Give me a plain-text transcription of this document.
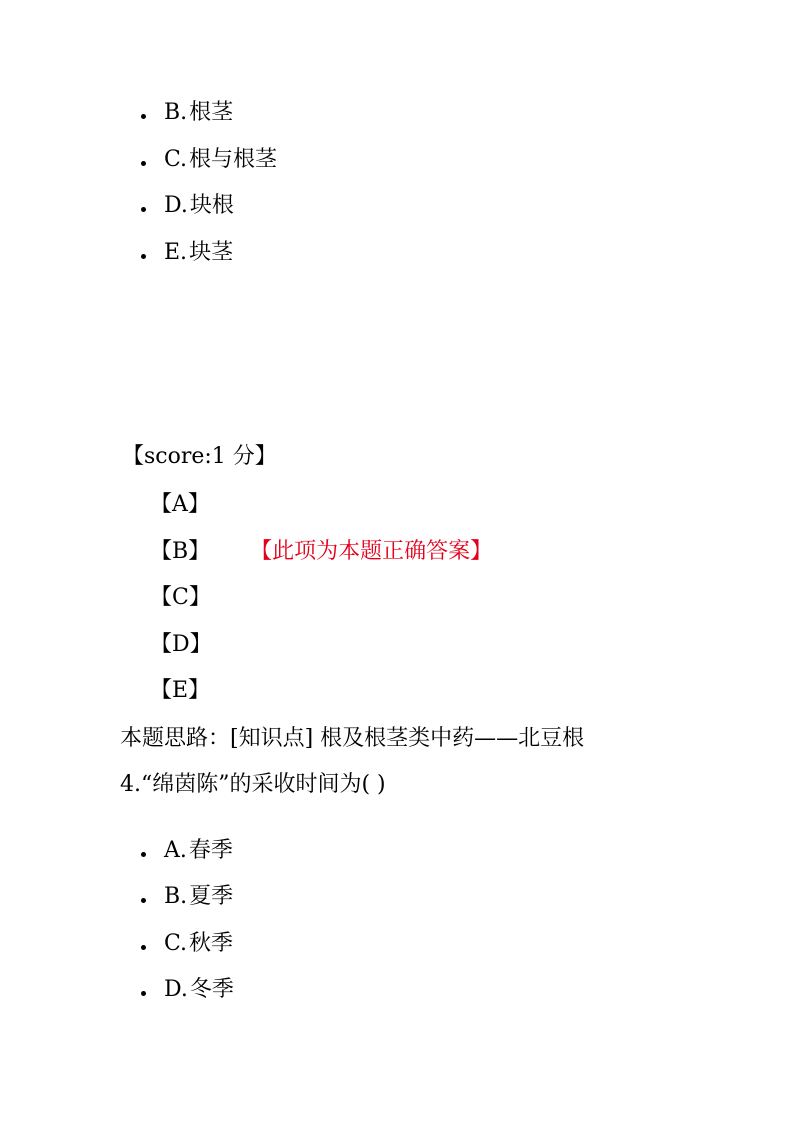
B. 根茎
C. 根与根茎
D. 块根
E. 块茎
【score:1 分】
【A】
【B】 【此项为本题正确答案】
【C】
【D】
【E】
本题思路：[知识点] 根及根茎类中药——北豆根
4.“绵茵陈”的采收时间为( )
A. 春季
B. 夏季
C. 秋季
D. 冬季
